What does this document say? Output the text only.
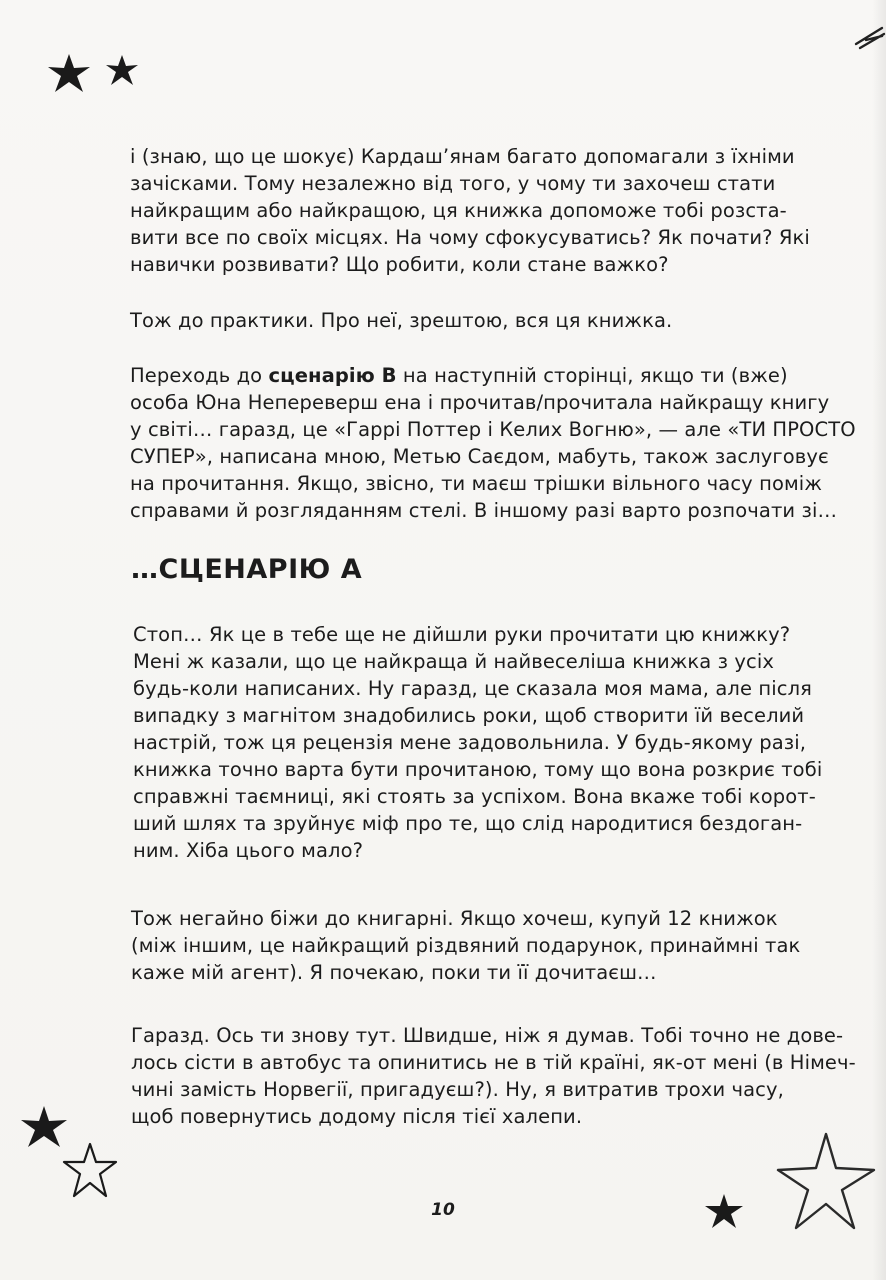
і (знаю, що це шокує) Кардаш’янам багато допомагали з їхніми
зачісками. Тому незалежно від того, у чому ти захочеш стати
найкращим або найкращою, ця книжка допоможе тобі розста-
вити все по своїх місцях. На чому сфокусуватись? Як почати? Які
навички розвивати? Що робити, коли стане важко?
Тож до практики. Про неї, зрештою, вся ця книжка.
Переходь до сценарію В на наступній сторінці, якщо ти (вже)
особа Юна Непереверш ена і прочитав/прочитала найкращу книгу
у світі… гаразд, це «Гаррі Поттер і Келих Вогню», — але «ТИ ПРОСТО
СУПЕР», написана мною, Метью Саєдом, мабуть, також заслуговує
на прочитання. Якщо, звісно, ти маєш трішки вільного часу поміж
справами й розгляданням стелі. В іншому разі варто розпочати зі…
…СЦЕНАРІЮ А
Стоп… Як це в тебе ще не дійшли руки прочитати цю книжку?
Мені ж казали, що це найкраща й найвеселіша книжка з усіх
будь-коли написаних. Ну гаразд, це сказала моя мама, але після
випадку з магнітом знадобились роки, щоб створити їй веселий
настрій, тож ця рецензія мене задовольнила. У будь-якому разі,
книжка точно варта бути прочитаною, тому що вона розкриє тобі
справжні таємниці, які стоять за успіхом. Вона вкаже тобі корот-
ший шлях та зруйнує міф про те, що слід народитися бездоган-
ним. Хіба цього мало?
Тож негайно біжи до книгарні. Якщо хочеш, купуй 12 книжок
(між іншим, це найкращий різдвяний подарунок, принаймні так
каже мій агент). Я почекаю, поки ти її дочитаєш…
Гаразд. Ось ти знову тут. Швидше, ніж я думав. Тобі точно не дове-
лось сісти в автобус та опинитись не в тій країні, як-от мені (в Німеч-
чині замість Норвегії, пригадуєш?). Ну, я витратив трохи часу,
щоб повернутись додому після тієї халепи.
10
